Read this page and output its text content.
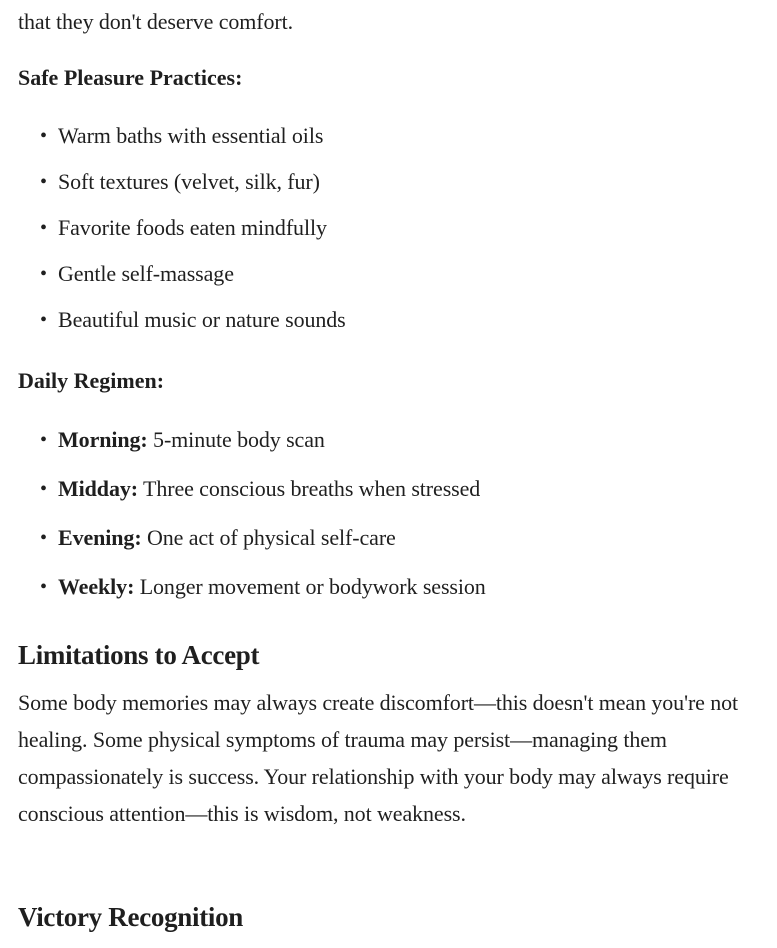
that they don't deserve comfort.

Safe Pleasure Practices:

• Warm baths with essential oils
• Soft textures (velvet, silk, fur)
• Favorite foods eaten mindfully
• Gentle self-massage
• Beautiful music or nature sounds

Daily Regimen:

• Morning: 5-minute body scan
• Midday: Three conscious breaths when stressed
• Evening: One act of physical self-care
• Weekly: Longer movement or bodywork session
Limitations to Accept

Some body memories may always create discomfort—this doesn't mean you're not healing. Some physical symptoms of trauma may persist—managing them compassionately is success. Your relationship with your body may always require conscious attention—this is wisdom, not weakness.

Victory Recognition
